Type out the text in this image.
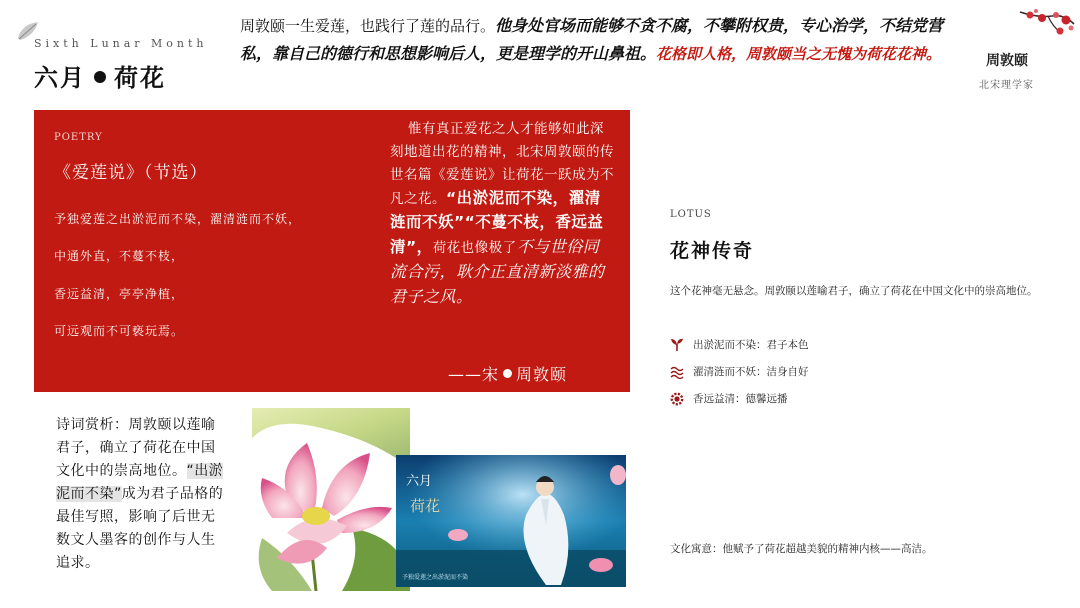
Sixth Lunar Month
六月 荷花
周敦颐一生爱莲，也践行了莲的品行。他身处官场而能够不贪不腐，不攀附权贵，专心治学，不结党营私，靠自己的德行和思想影响后人，更是理学的开山鼻祖。花格即人格，周敦颐当之无愧为荷花花神。	周敦颐
北宋理学家
POETRY
《爱莲说》（节选）
予独爱莲之出淤泥而不染，濯清涟而不妖，
中通外直，不蔓不枝，
香远益清，亭亭净植，
可远观而不可亵玩焉。
惟有真正爱花之人才能够如此深刻地道出花的精神，北宋周敦颐的传世名篇《爱莲说》让荷花一跃成为不凡之花。“出淤泥而不染，濯清涟而不妖”“不蔓不枝，香远益清”，荷花也像极了不与世俗同流合污，耿介正直清新淡雅的君子之风。
——宋 周敦颐
诗词赏析：周敦颐以莲喻君子，确立了荷花在中国文化中的崇高地位。“出淤泥而不染”成为君子品格的最佳写照，影响了后世无数文人墨客的创作与人生追求。
六月
荷花
予独爱莲之出淤泥而不染
LOTUS
花神传奇
这个花神毫无悬念。周敦颐以莲喻君子，确立了荷花在中国文化中的崇高地位。
出淤泥而不染：君子本色
濯清涟而不妖：洁身自好
香远益清：德馨远播
文化寓意：他赋予了荷花超越美貌的精神内核——高洁。
